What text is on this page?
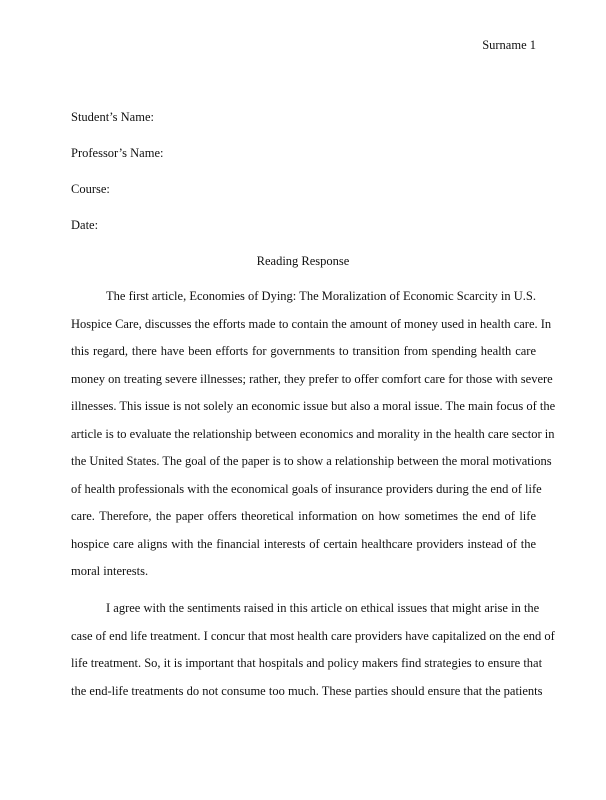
Surname 1
Student’s Name:
Professor’s Name:
Course:
Date:
Reading Response
The first article, Economies of Dying: The Moralization of Economic Scarcity in U.S.
Hospice Care, discusses the efforts made to contain the amount of money used in health care. In
this regard, there have been efforts for governments to transition from spending health care
money on treating severe illnesses; rather, they prefer to offer comfort care for those with severe
illnesses. This issue is not solely an economic issue but also a moral issue. The main focus of the
article is to evaluate the relationship between economics and morality in the health care sector in
the United States. The goal of the paper is to show a relationship between the moral motivations
of health professionals with the economical goals of insurance providers during the end of life
care. Therefore, the paper offers theoretical information on how sometimes the end of life
hospice care aligns with the financial interests of certain healthcare providers instead of the
moral interests.
I agree with the sentiments raised in this article on ethical issues that might arise in the
case of end life treatment. I concur that most health care providers have capitalized on the end of
life treatment. So, it is important that hospitals and policy makers find strategies to ensure that
the end-life treatments do not consume too much. These parties should ensure that the patients
